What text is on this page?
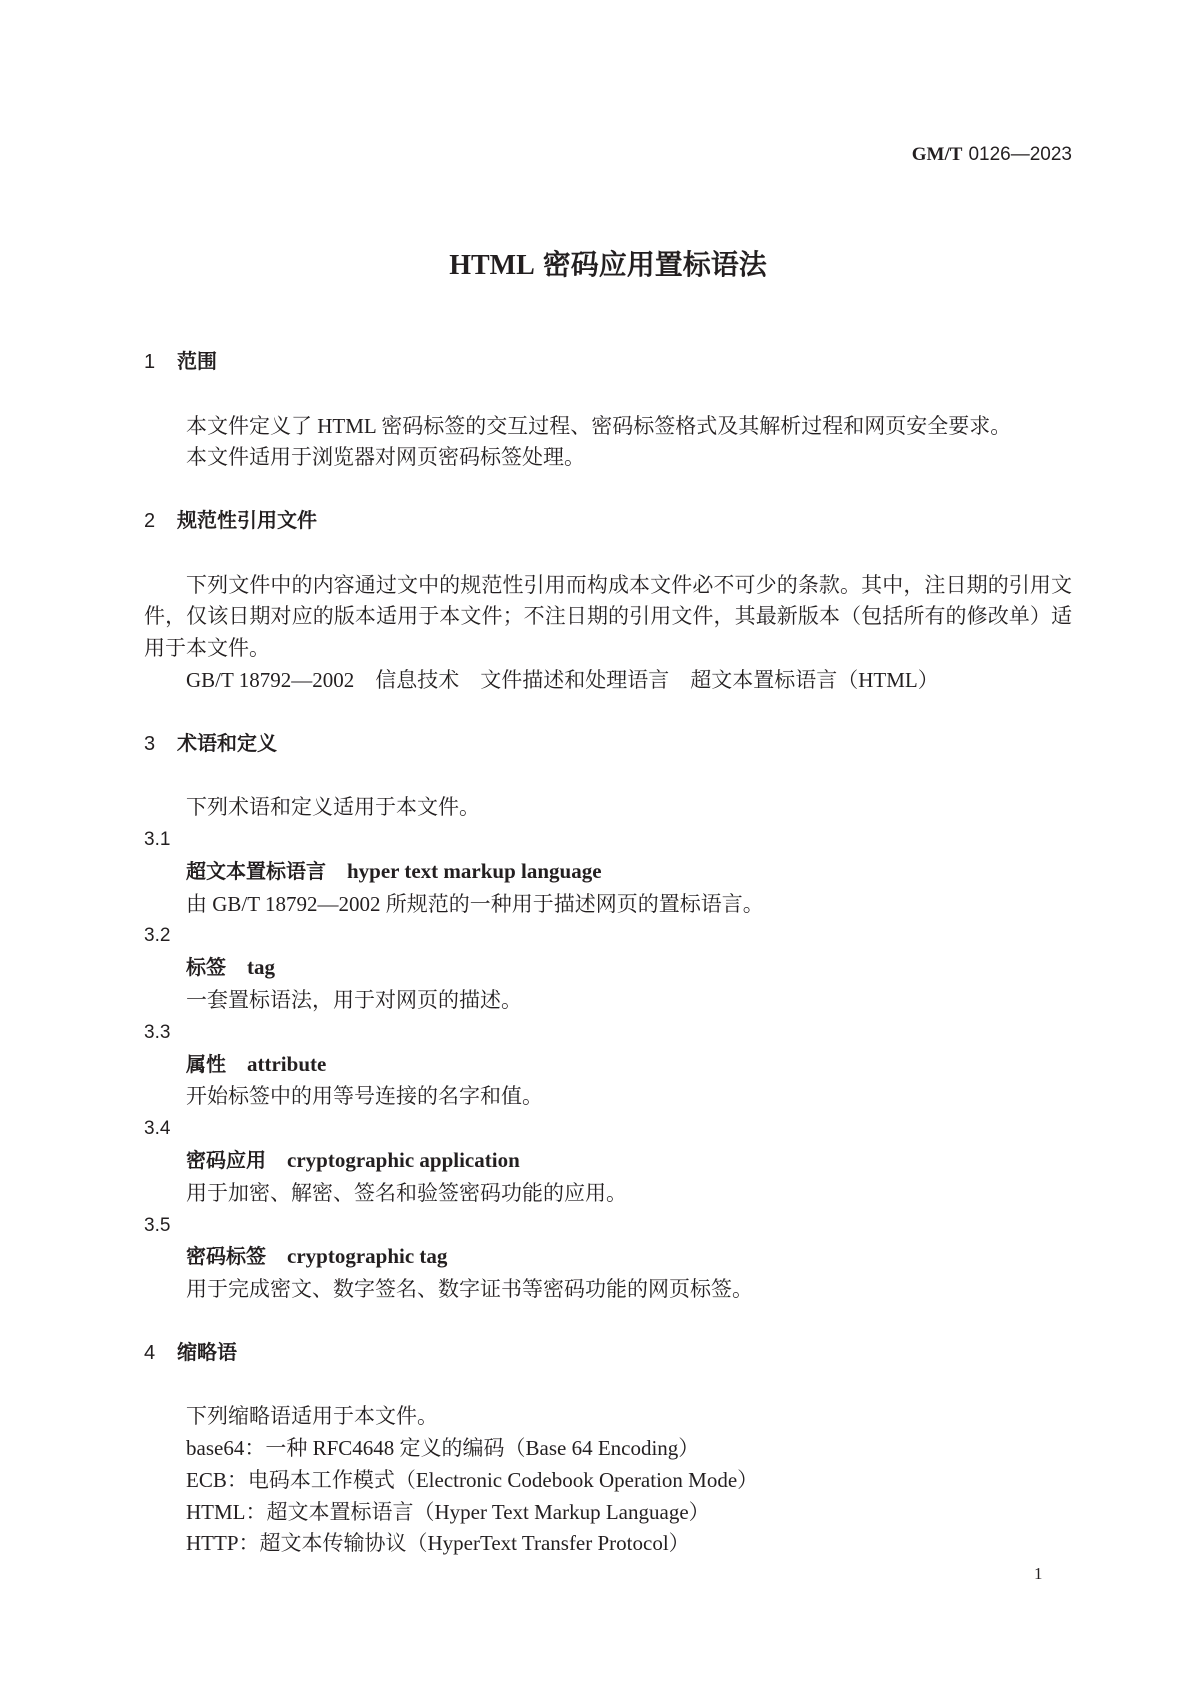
GM/T 0126—2023
HTML 密码应用置标语法
1 范围

本文件定义了 HTML 密码标签的交互过程、密码标签格式及其解析过程和网页安全要求。

本文件适用于浏览器对网页密码标签处理。

2 规范性引用文件

下列文件中的内容通过文中的规范性引用而构成本文件必不可少的条款。其中，注日期的引用文件，仅该日期对应的版本适用于本文件；不注日期的引用文件，其最新版本（包括所有的修改单）适用于本文件。

GB/T 18792—2002　信息技术　文件描述和处理语言　超文本置标语言（HTML）

3 术语和定义

下列术语和定义适用于本文件。

3.1

超文本置标语言 hyper text markup language

由 GB/T 18792—2002 所规范的一种用于描述网页的置标语言。

3.2

标签 tag

一套置标语法，用于对网页的描述。

3.3

属性 attribute

开始标签中的用等号连接的名字和值。

3.4

密码应用 cryptographic application

用于加密、解密、签名和验签密码功能的应用。

3.5

密码标签 cryptographic tag

用于完成密文、数字签名、数字证书等密码功能的网页标签。

4 缩略语

下列缩略语适用于本文件。

base64：一种 RFC4648 定义的编码（Base 64 Encoding）

ECB：电码本工作模式（Electronic Codebook Operation Mode）

HTML：超文本置标语言（Hyper Text Markup Language）

HTTP：超文本传输协议（HyperText Transfer Protocol）

1
